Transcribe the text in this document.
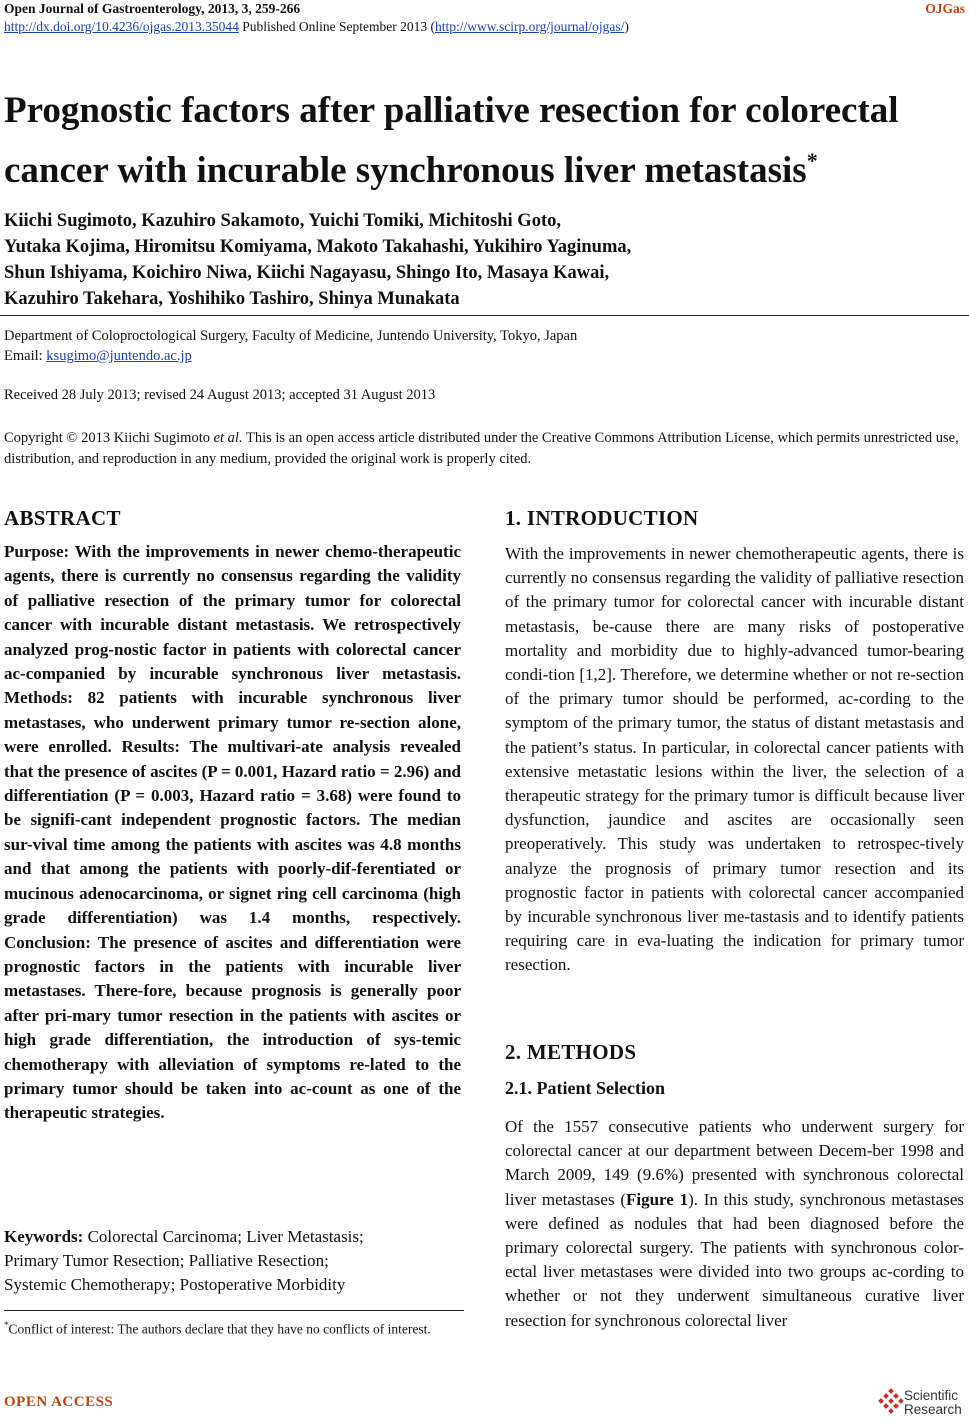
Open Journal of Gastroenterology, 2013, 3, 259-266	OJGas
http://dx.doi.org/10.4236/ojgas.2013.35044 Published Online September 2013 (http://www.scirp.org/journal/ojgas/)
Prognostic factors after palliative resection for colorectal
cancer with incurable synchronous liver metastasis*
Kiichi Sugimoto, Kazuhiro Sakamoto, Yuichi Tomiki, Michitoshi Goto,
Yutaka Kojima, Hiromitsu Komiyama, Makoto Takahashi, Yukihiro Yaginuma,
Shun Ishiyama, Koichiro Niwa, Kiichi Nagayasu, Shingo Ito, Masaya Kawai,
Kazuhiro Takehara, Yoshihiko Tashiro, Shinya Munakata
Department of Coloproctological Surgery, Faculty of Medicine, Juntendo University, Tokyo, Japan
Email: ksugimo@juntendo.ac.jp
Received 28 July 2013; revised 24 August 2013; accepted 31 August 2013
Copyright © 2013 Kiichi Sugimoto et al. This is an open access article distributed under the Creative Commons Attribution License, which permits unrestricted use, distribution, and reproduction in any medium, provided the original work is properly cited.
ABSTRACT
Purpose: With the improvements in newer chemo-therapeutic agents, there is currently no consensus regarding the validity of palliative resection of the primary tumor for colorectal cancer with incurable distant metastasis. We retrospectively analyzed prog-nostic factor in patients with colorectal cancer ac-companied by incurable synchronous liver metastasis. Methods: 82 patients with incurable synchronous liver metastases, who underwent primary tumor re-section alone, were enrolled. Results: The multivari-ate analysis revealed that the presence of ascites (P = 0.001, Hazard ratio = 2.96) and differentiation (P = 0.003, Hazard ratio = 3.68) were found to be signifi-cant independent prognostic factors. The median sur-vival time among the patients with ascites was 4.8 months and that among the patients with poorly-dif-ferentiated or mucinous adenocarcinoma, or signet ring cell carcinoma (high grade differentiation) was 1.4 months, respectively. Conclusion: The presence of ascites and differentiation were prognostic factors in the patients with incurable liver metastases. There-fore, because prognosis is generally poor after pri-mary tumor resection in the patients with ascites or high grade differentiation, the introduction of sys-temic chemotherapy with alleviation of symptoms re-lated to the primary tumor should be taken into ac-count as one of the therapeutic strategies.
Keywords: Colorectal Carcinoma; Liver Metastasis;
Primary Tumor Resection; Palliative Resection;
Systemic Chemotherapy; Postoperative Morbidity
*Conflict of interest: The authors declare that they have no conflicts of interest.
1. INTRODUCTION
With the improvements in newer chemotherapeutic agents, there is currently no consensus regarding the validity of palliative resection of the primary tumor for colorectal cancer with incurable distant metastasis, be-cause there are many risks of postoperative mortality and morbidity due to highly-advanced tumor-bearing condi-tion [1,2]. Therefore, we determine whether or not re-section of the primary tumor should be performed, ac-cording to the symptom of the primary tumor, the status of distant metastasis and the patient’s status. In particular, in colorectal cancer patients with extensive metastatic lesions within the liver, the selection of a therapeutic strategy for the primary tumor is difficult because liver dysfunction, jaundice and ascites are occasionally seen preoperatively. This study was undertaken to retrospec-tively analyze the prognosis of primary tumor resection and its prognostic factor in patients with colorectal cancer accompanied by incurable synchronous liver me-tastasis and to identify patients requiring care in eva-luating the indication for primary tumor resection.
2. METHODS
2.1. Patient Selection
Of the 1557 consecutive patients who underwent surgery for colorectal cancer at our department between Decem-ber 1998 and March 2009, 149 (9.6%) presented with synchronous colorectal liver metastases (Figure 1). In this study, synchronous metastases were defined as nodules that had been diagnosed before the primary colorectal surgery. The patients with synchronous color-ectal liver metastases were divided into two groups ac-cording to whether or not they underwent simultaneous curative liver resection for synchronous colorectal liver
OPEN ACCESS	Scientific
Research
